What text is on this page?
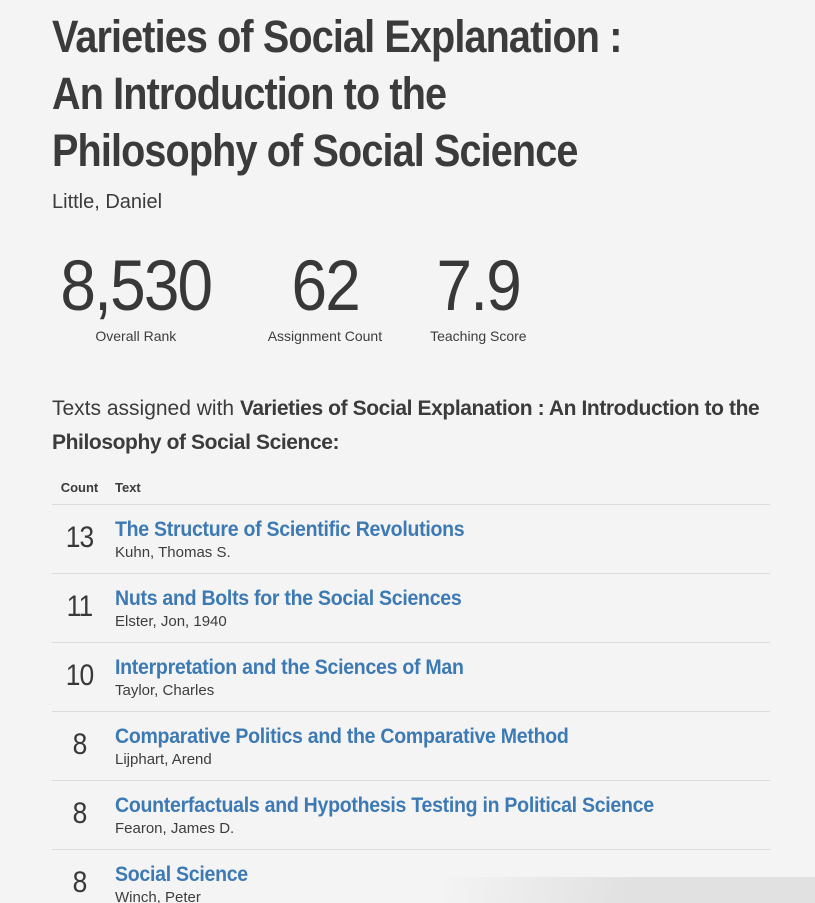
Varieties of Social Explanation :
An Introduction to the
Philosophy of Social Science
Little, Daniel
8,530
Overall Rank
62
Assignment Count
7.9
Teaching Score

Texts assigned with Varieties of Social Explanation : An Introduction to the Philosophy of Social Science:

Count	Text
13	The Structure of Scientific Revolutions
Kuhn, Thomas S.
11	Nuts and Bolts for the Social Sciences
Elster, Jon, 1940
10	Interpretation and the Sciences of Man
Taylor, Charles
8	Comparative Politics and the Comparative Method
Lijphart, Arend
8	Counterfactuals and Hypothesis Testing in Political Science
Fearon, James D.
8	Social Science
Winch, Peter
